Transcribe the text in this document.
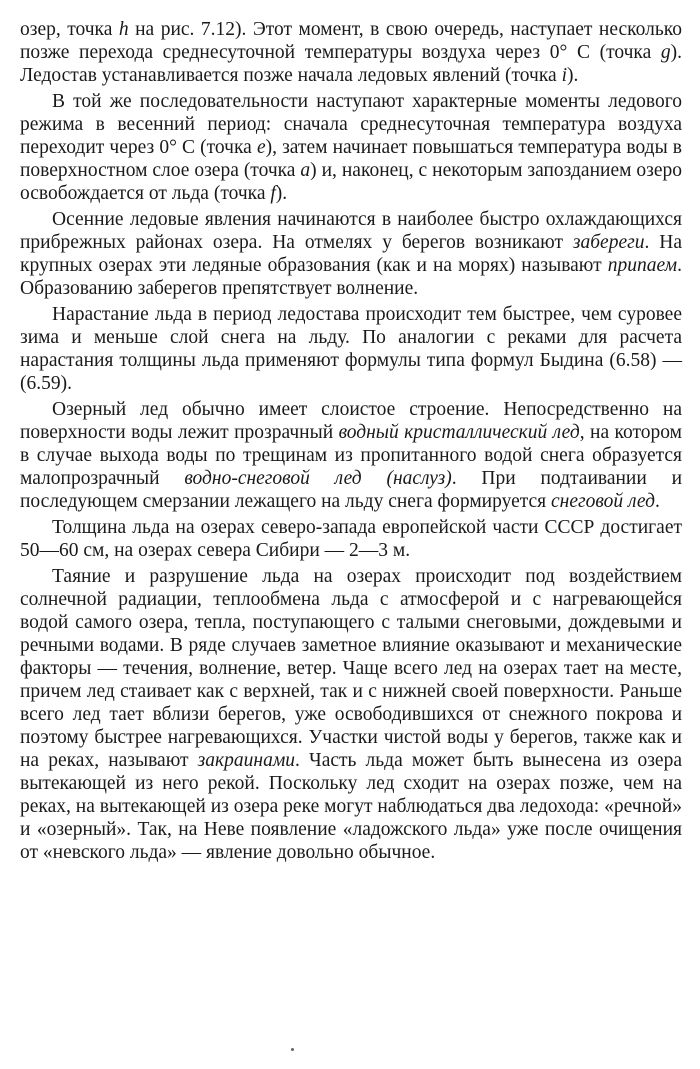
озер, точка h на рис. 7.12). Этот момент, в свою очередь, наступает несколько позже перехода среднесуточной температуры воздуха через 0° С (точка g). Ледостав устанавливается позже начала ледовых явлений (точка i).

В той же последовательности наступают характерные моменты ледового режима в весенний период: сначала среднесуточная температура воздуха переходит через 0° С (точка e), затем начинает повышаться температура воды в поверхностном слое озера (точка a) и, наконец, с некоторым запозданием озеро освобождается от льда (точка f).

Осенние ледовые явления начинаются в наиболее быстро охлаждающихся прибрежных районах озера. На отмелях у берегов возникают забереги. На крупных озерах эти ледяные образования (как и на морях) называют припаем. Образованию заберегов препятствует волнение.

Нарастание льда в период ледостава происходит тем быстрее, чем суровее зима и меньше слой снега на льду. По аналогии с реками для расчета нарастания толщины льда применяют формулы типа формул Быдина (6.58) — (6.59).

Озерный лед обычно имеет слоистое строение. Непосредственно на поверхности воды лежит прозрачный водный кристаллический лед, на котором в случае выхода воды по трещинам из пропитанного водой снега образуется малопрозрачный водно-снеговой лед (наслуз). При подтаивании и последующем смерзании лежащего на льду снега формируется снеговой лед.

Толщина льда на озерах северо-запада европейской части СССР достигает 50—60 см, на озерах севера Сибири — 2—3 м.

Таяние и разрушение льда на озерах происходит под воздействием солнечной радиации, теплообмена льда с атмосферой и с нагревающейся водой самого озера, тепла, поступающего с талыми снеговыми, дождевыми и речными водами. В ряде случаев заметное влияние оказывают и механические факторы — течения, волнение, ветер. Чаще всего лед на озерах тает на месте, причем лед стаивает как с верхней, так и с нижней своей поверхности. Раньше всего лед тает вблизи берегов, уже освободившихся от снежного покрова и поэтому быстрее нагревающихся. Участки чистой воды у берегов, также как и на реках, называют закраинами. Часть льда может быть вынесена из озера вытекающей из него рекой. Поскольку лед сходит на озерах позже, чем на реках, на вытекающей из озера реке могут наблюдаться два ледохода: «речной» и «озерный». Так, на Неве появление «ладожского льда» уже после очищения от «невского льда» — явление довольно обычное.
